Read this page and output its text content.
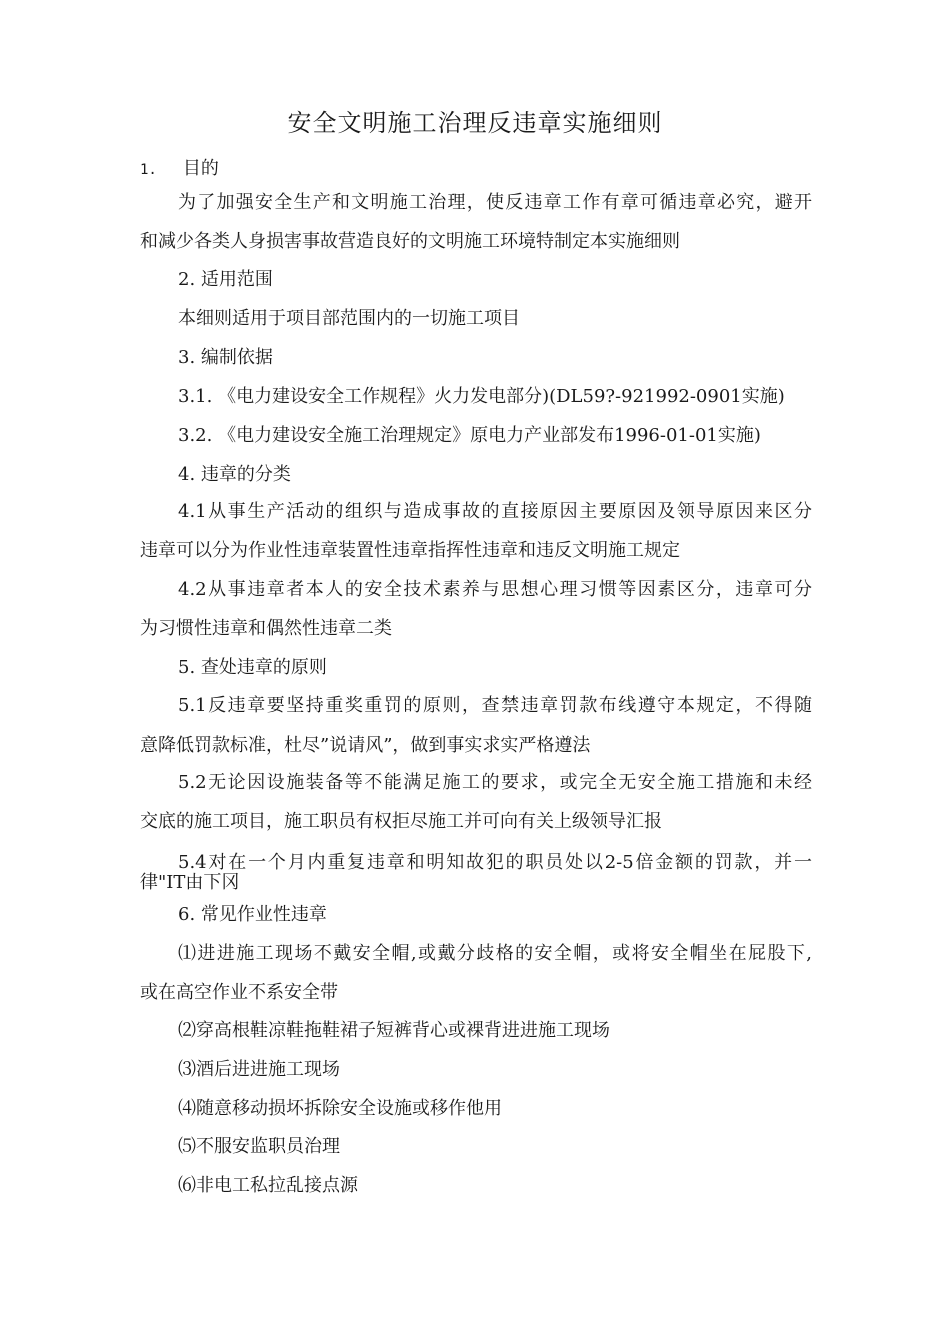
安全文明施工治理反违章实施细则
1. 目的
为了加强安全生产和文明施工治理，使反违章工作有章可循违章必究，避开
和减少各类人身损害事故营造良好的文明施工环境特制定本实施细则
2. 适用范围
本细则适用于项目部范围内的一切施工项目
3. 编制依据
3.1. 《电力建设安全工作规程》火力发电部分)(DL59?-921992-0901实施)
3.2. 《电力建设安全施工治理规定》原电力产业部发布1996-01-01实施)
4. 违章的分类
4.1从事生产活动的组织与造成事故的直接原因主要原因及领导原因来区分
违章可以分为作业性违章装置性违章指挥性违章和违反文明施工规定
4.2从事违章者本人的安全技术素养与思想心理习惯等因素区分，违章可分
为习惯性违章和偶然性违章二类
5. 查处违章的原则
5.1反违章要坚持重奖重罚的原则，查禁违章罚款布线遵守本规定，不得随
意降低罚款标准，杜尽”说请风”，做到事实求实严格遵法
5.2无论因设施装备等不能满足施工的要求，或完全无安全施工措施和未经
交底的施工项目，施工职员有权拒尽施工并可向有关上级领导汇报
5.4对在一个月内重复违章和明知故犯的职员处以2-5倍金额的罚款，并一
律"IT由下冈
6. 常见作业性违章
⑴进进施工现场不戴安全帽,或戴分歧格的安全帽，或将安全帽坐在屁股下,
或在高空作业不系安全带
⑵穿高根鞋凉鞋拖鞋裙子短裤背心或裸背进进施工现场
⑶酒后进进施工现场
⑷随意移动损坏拆除安全设施或移作他用
⑸不服安监职员治理
⑹非电工私拉乱接点源
